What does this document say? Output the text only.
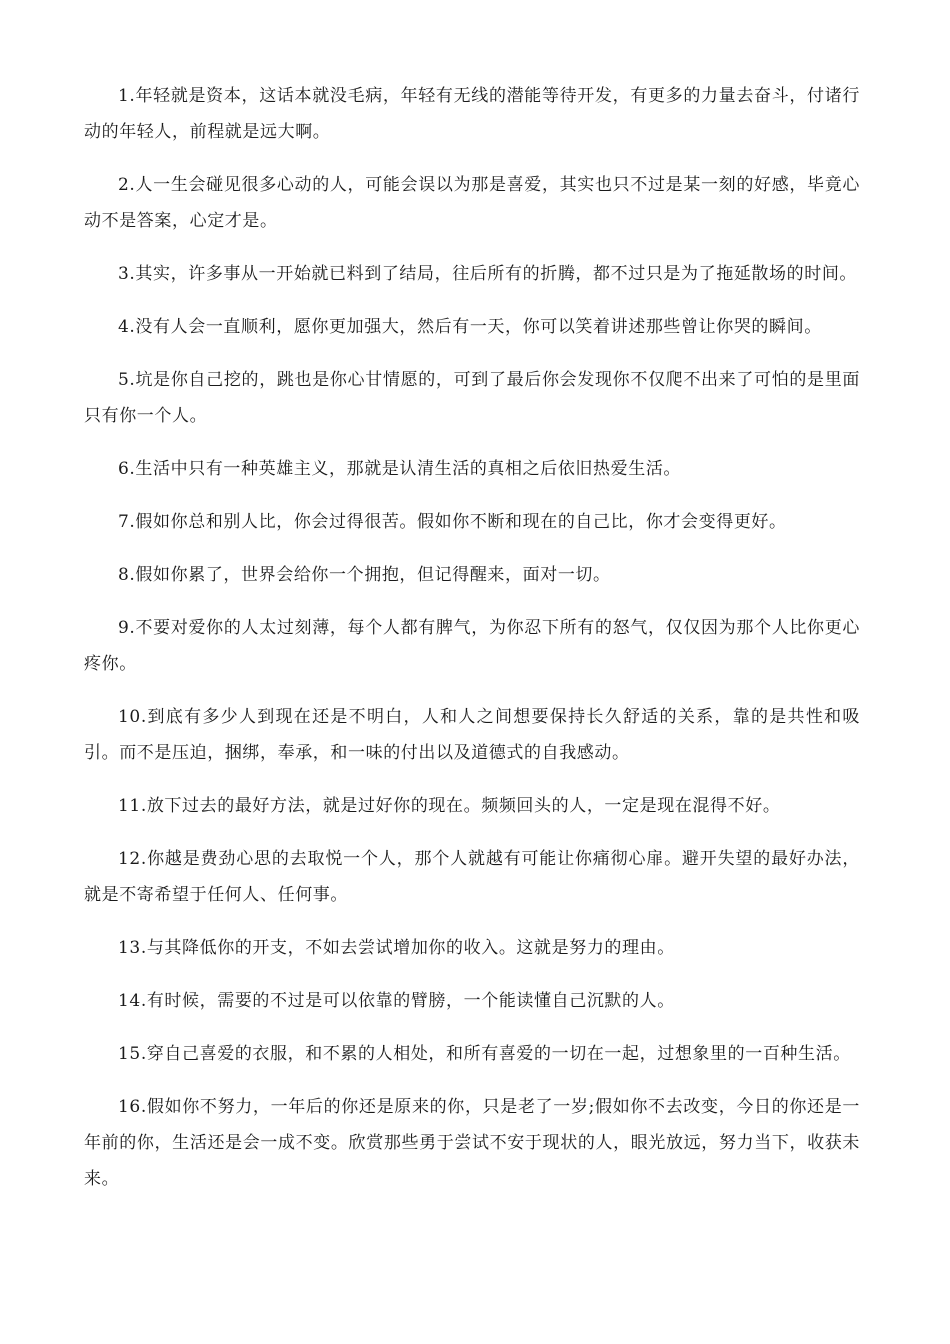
1.年轻就是资本，这话本就没毛病，年轻有无线的潜能等待开发，有更多的力量去奋斗，付诸行动的年轻人，前程就是远大啊。

2.人一生会碰见很多心动的人，可能会误以为那是喜爱，其实也只不过是某一刻的好感，毕竟心动不是答案，心定才是。

3.其实，许多事从一开始就已料到了结局，往后所有的折腾，都不过只是为了拖延散场的时间。

4.没有人会一直顺利，愿你更加强大，然后有一天，你可以笑着讲述那些曾让你哭的瞬间。

5.坑是你自己挖的，跳也是你心甘情愿的，可到了最后你会发现你不仅爬不出来了可怕的是里面只有你一个人。

6.生活中只有一种英雄主义，那就是认清生活的真相之后依旧热爱生活。

7.假如你总和别人比，你会过得很苦。假如你不断和现在的自己比，你才会变得更好。

8.假如你累了，世界会给你一个拥抱，但记得醒来，面对一切。

9.不要对爱你的人太过刻薄，每个人都有脾气，为你忍下所有的怒气，仅仅因为那个人比你更心疼你。

10.到底有多少人到现在还是不明白，人和人之间想要保持长久舒适的关系，靠的是共性和吸引。而不是压迫，捆绑，奉承，和一味的付出以及道德式的自我感动。

11.放下过去的最好方法，就是过好你的现在。频频回头的人，一定是现在混得不好。

12.你越是费劲心思的去取悦一个人，那个人就越有可能让你痛彻心扉。避开失望的最好办法，就是不寄希望于任何人、任何事。

13.与其降低你的开支，不如去尝试增加你的收入。这就是努力的理由。

14.有时候，需要的不过是可以依靠的臂膀，一个能读懂自己沉默的人。

15.穿自己喜爱的衣服，和不累的人相处，和所有喜爱的一切在一起，过想象里的一百种生活。

16.假如你不努力，一年后的你还是原来的你，只是老了一岁;假如你不去改变，今日的你还是一年前的你，生活还是会一成不变。欣赏那些勇于尝试不安于现状的人，眼光放远，努力当下，收获未来。
